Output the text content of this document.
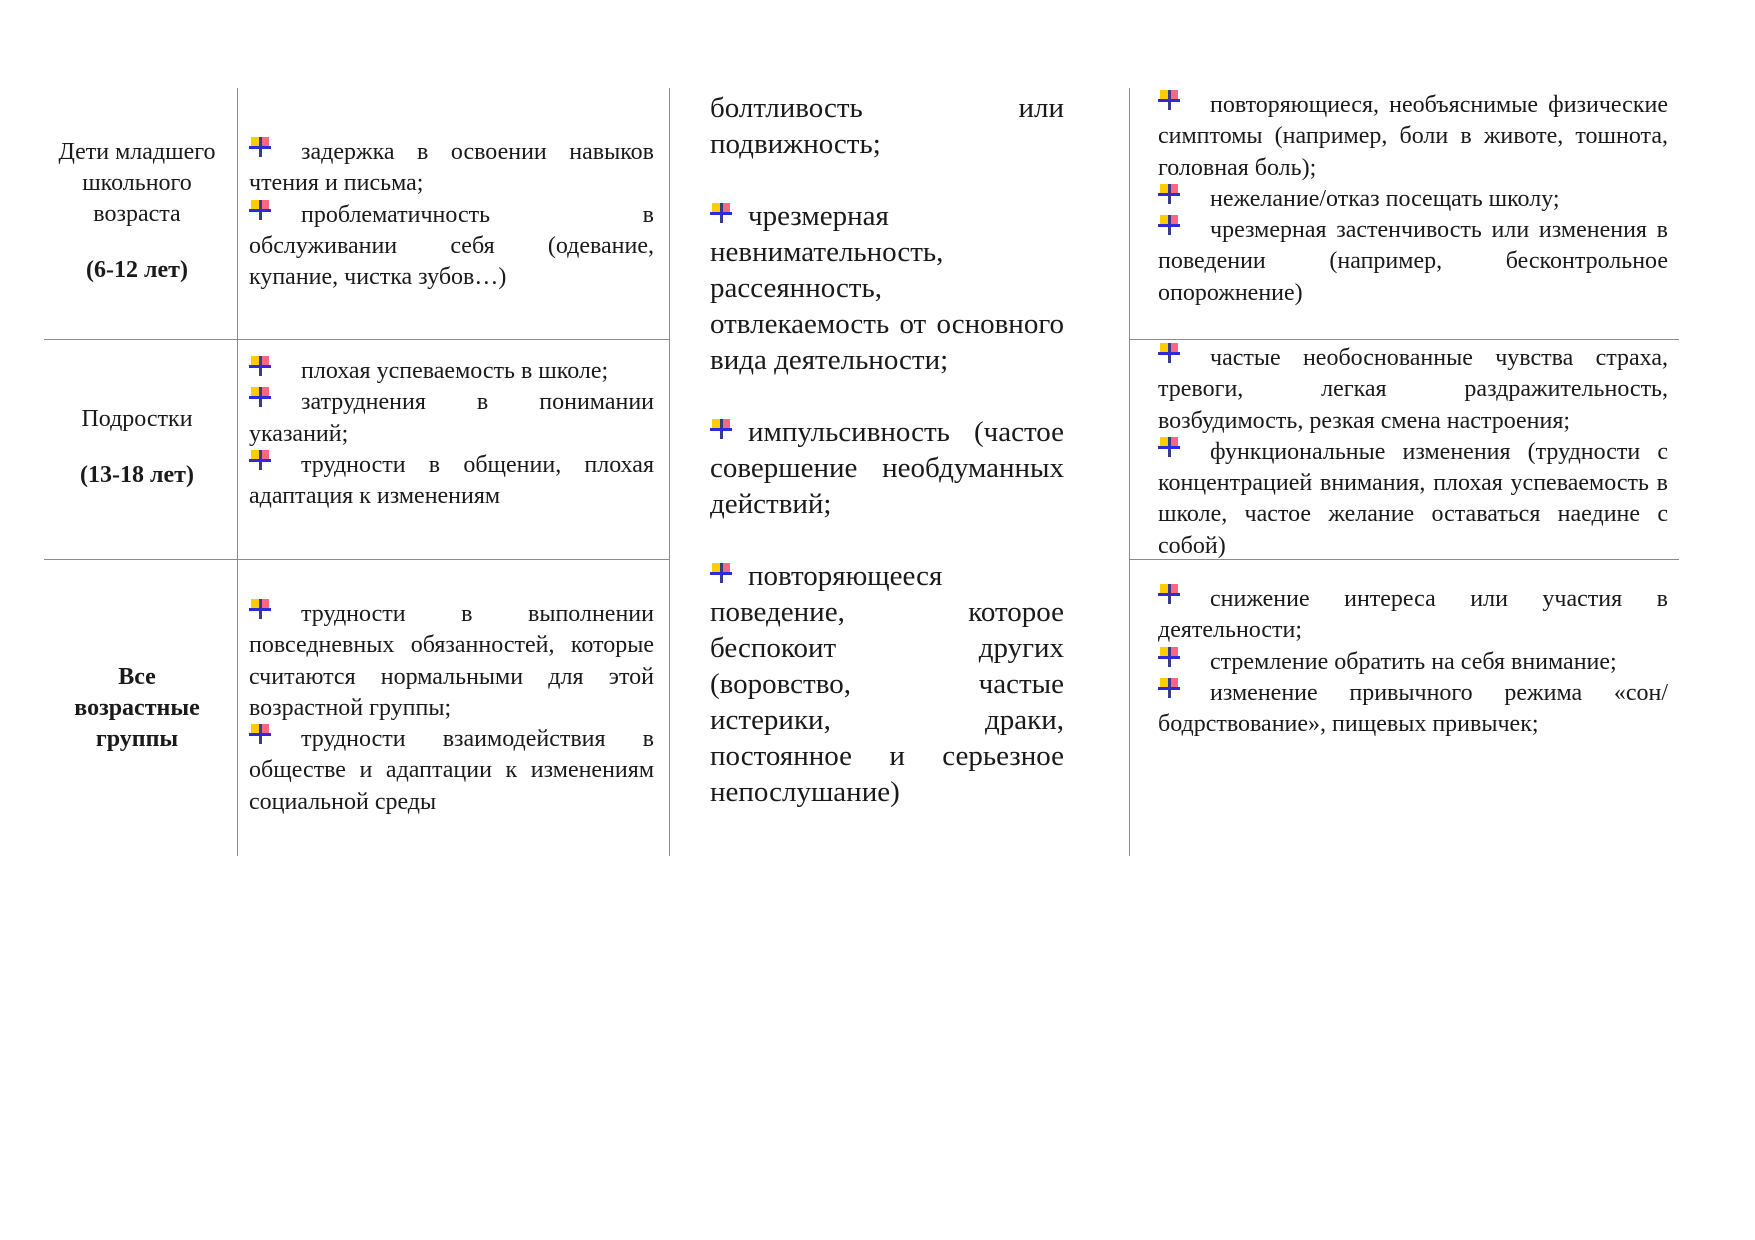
Дети младшего школьного возраста
(6-12 лет)
Подростки
(13-18 лет)
Все возрастные группы

задержка в освоении навыков чтения и письма;

проблематичность в обслуживании себя (одевание, купание, чистка зубов…)

плохая успеваемость в школе;

затруднения в понимании указаний;

трудности в общении, плохая адаптация к изменениям

трудности в выполнении повседневных обязанностей, которые считаются нормальными для этой возрастной группы;

трудности взаимодействия в обществе и адаптации к изменениям социальной среды

болтливость или подвижность;

чрезмерная невнимательность, рассеянность, отвлекаемость от основного вида деятельности;

импульсивность (частое совершение необдуманных действий;

повторяющееся поведение, которое беспокоит других (воровство, частые истерики, драки, постоянное и серьезное непослушание)

повторяющиеся, необъяснимые физические симптомы (например, боли в животе, тошнота, головная боль);

нежелание/отказ посещать школу;

чрезмерная застенчивость или изменения в поведении (например, бесконтрольное опорожнение)

частые необоснованные чувства страха, тревоги, легкая раздражительность, возбудимость, резкая смена настроения;

функциональные изменения (трудности с концентрацией внимания, плохая успеваемость в школе, частое желание оставаться наедине с собой)

снижение интереса или участия в деятельности;

стремление обратить на себя внимание;

изменение привычного режима «сон/бодрствование», пищевых привычек;
